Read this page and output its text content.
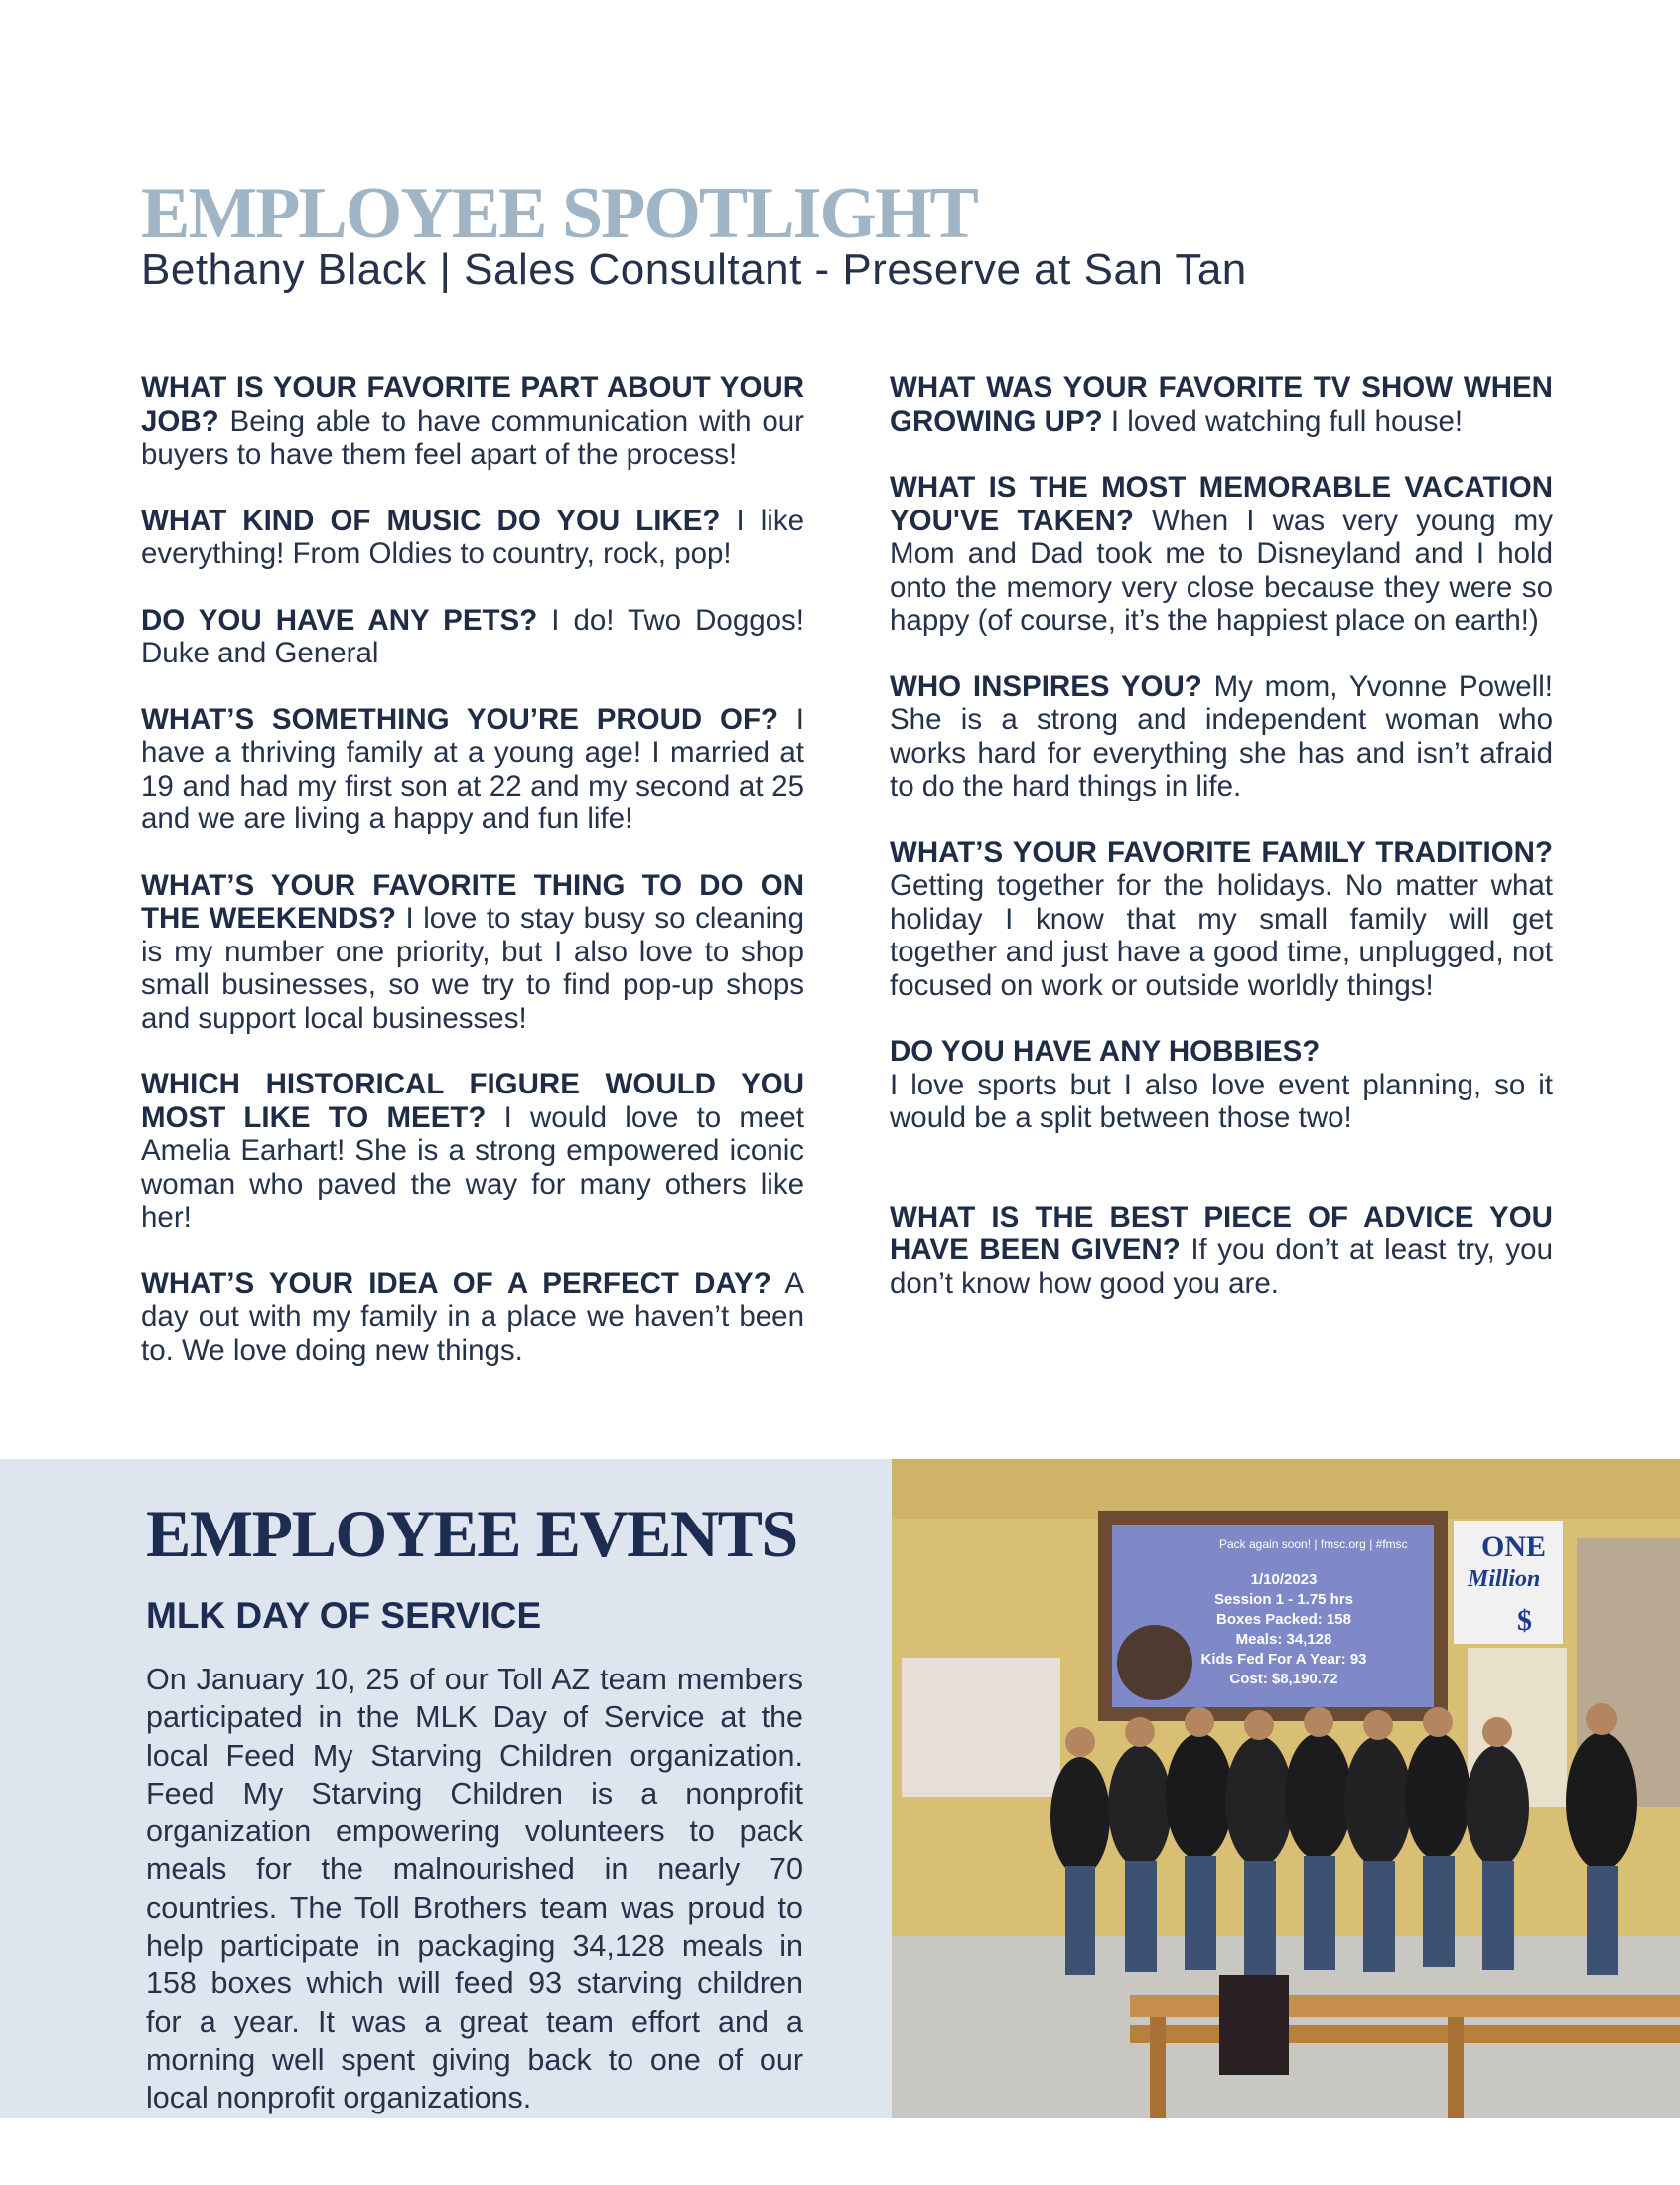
EMPLOYEE SPOTLIGHT
Bethany Black | Sales Consultant - Preserve at San Tan

WHAT IS YOUR FAVORITE PART ABOUT YOUR JOB? Being able to have communication with our buyers to have them feel apart of the process!

WHAT KIND OF MUSIC DO YOU LIKE? I like everything! From Oldies to country, rock, pop!

DO YOU HAVE ANY PETS? I do! Two Doggos! Duke and General

WHAT’S SOMETHING YOU’RE PROUD OF? I have a thriving family at a young age! I married at 19 and had my first son at 22 and my second at 25 and we are living a happy and fun life!

WHAT’S YOUR FAVORITE THING TO DO ON THE WEEKENDS? I love to stay busy so cleaning is my number one priority, but I also love to shop small businesses, so we try to find pop-up shops and support local businesses!

WHICH HISTORICAL FIGURE WOULD YOU MOST LIKE TO MEET? I would love to meet Amelia Earhart! She is a strong empowered iconic woman who paved the way for many others like her!

WHAT’S YOUR IDEA OF A PERFECT DAY? A day out with my family in a place we haven’t been to. We love doing new things.

WHAT WAS YOUR FAVORITE TV SHOW WHEN GROWING UP? I loved watching full house!

WHAT IS THE MOST MEMORABLE VACATION YOU'VE TAKEN? When I was very young my Mom and Dad took me to Disneyland and I hold onto the memory very close because they were so happy (of course, it’s the happiest place on earth!)

WHO INSPIRES YOU? My mom, Yvonne Powell! She is a strong and independent woman who works hard for everything she has and isn’t afraid to do the hard things in life.

WHAT’S YOUR FAVORITE FAMILY TRADITION? Getting together for the holidays. No matter what holiday I know that my small family will get together and just have a good time, unplugged, not focused on work or outside worldly things!

DO YOU HAVE ANY HOBBIES?
I love sports but I also love event planning, so it would be a split between those two!

WHAT IS THE BEST PIECE OF ADVICE YOU HAVE BEEN GIVEN? If you don’t at least try, you don’t know how good you are.

EMPLOYEE EVENTS
MLK DAY OF SERVICE

On January 10, 25 of our Toll AZ team members participated in the MLK Day of Service at the local Feed My Starving Children organization. Feed My Starving Children is a nonprofit organization empowering volunteers to pack meals for the malnourished in nearly 70 countries. The Toll Brothers team was proud to help participate in packaging 34,128 meals in 158 boxes which will feed 93 starving children for a year. It was a great team effort and a morning well spent giving back to one of our local nonprofit organizations.

Pack again soon! | fmsc.org | #fmsc
1/10/2023
Session 1 - 1.75 hrs
Boxes Packed: 158
Meals: 34,128
Kids Fed For A Year: 93
Cost: $8,190.72
ONE
Million
$
